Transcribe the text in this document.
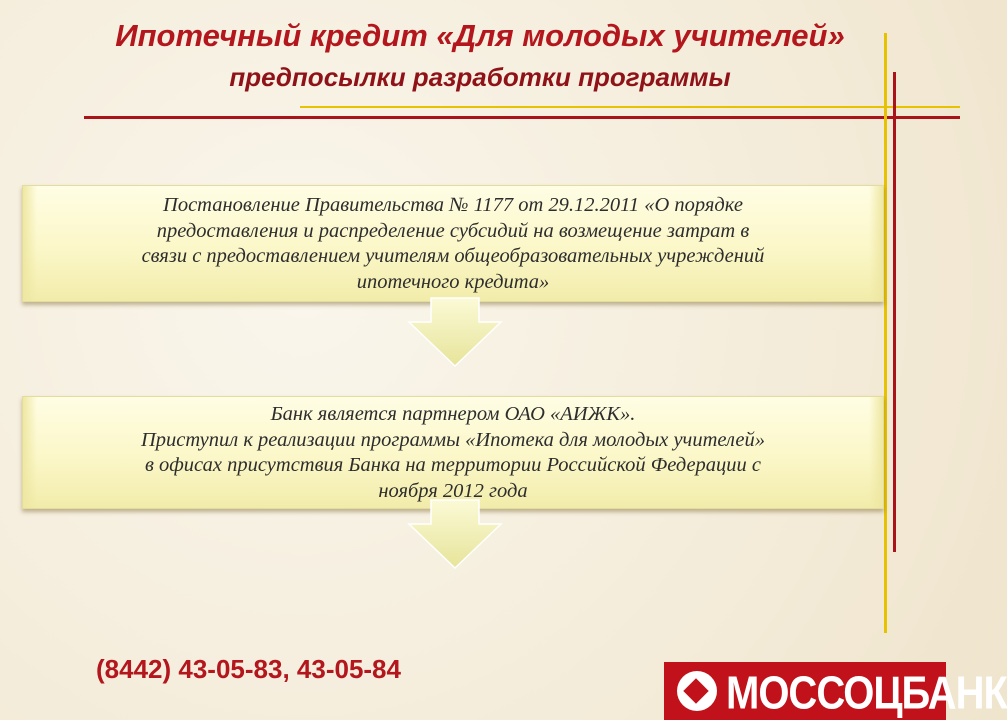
Ипотечный кредит «Для молодых учителей»
предпосылки разработки программы

Постановление Правительства № 1177 от 29.12.2011 «О порядке

предоставления и распределение субсидий на возмещение затрат в

связи с предоставлением учителям общеобразовательных учреждений

ипотечного кредита»

Банк является партнером ОАО «АИЖК».

Приступил к реализации программы «Ипотека для молодых учителей»

в офисах присутствия Банка на территории Российской Федерации с

ноября 2012 года

(8442) 43-05-83, 43-05-84	МОССОЦБАНК
